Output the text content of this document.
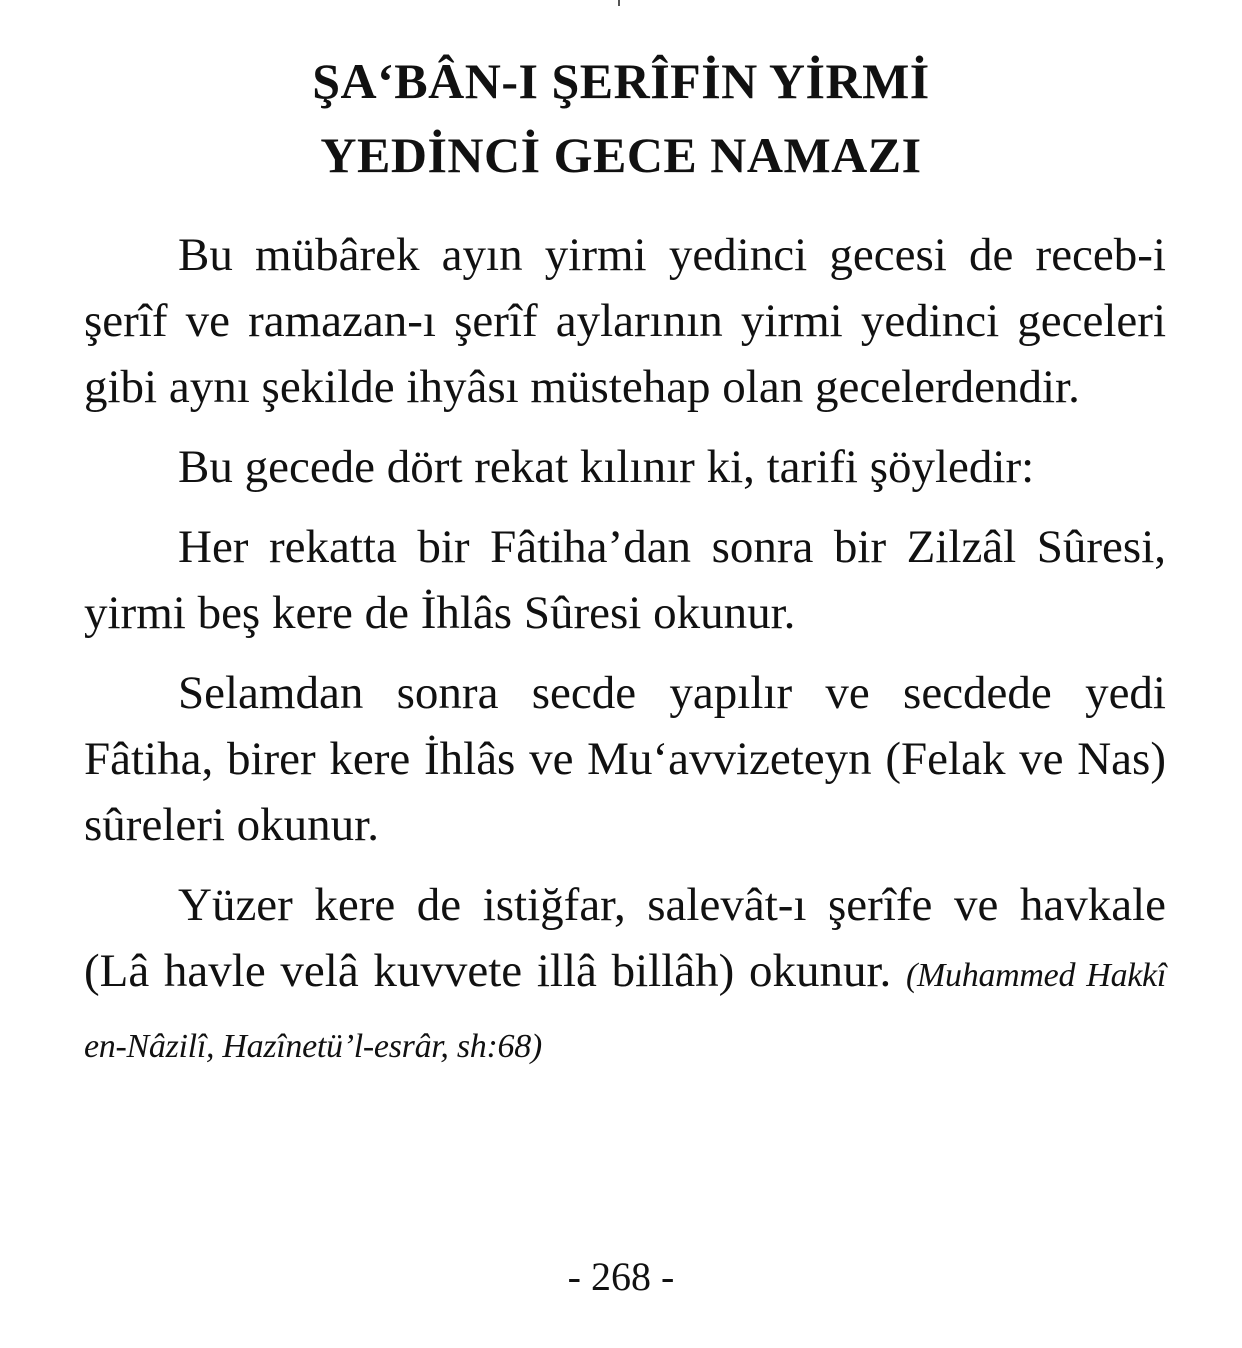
ŞA‘BÂN-I ŞERÎFİN YİRMİ
YEDİNCİ GECE NAMAZI

Bu mübârek ayın yirmi yedinci gecesi de receb-i şerîf ve ramazan-ı şerîf aylarının yirmi yedinci geceleri gibi aynı şekilde ihyâsı müstehap olan gecelerdendir.

Bu gecede dört rekat kılınır ki, tarifi şöyledir:

Her rekatta bir Fâtiha’dan sonra bir Zilzâl Sûresi, yirmi beş kere de İhlâs Sûresi okunur.

Selamdan sonra secde yapılır ve secdede yedi Fâtiha, birer kere İhlâs ve Mu‘avvizeteyn (Felak ve Nas) sûreleri okunur.

Yüzer kere de istiğfar, salevât-ı şerîfe ve havkale (Lâ havle velâ kuvvete illâ billâh) okunur. (Muhammed Hakkî en-Nâzilî, Hazînetü’l-esrâr, sh:68)

- 268 -
